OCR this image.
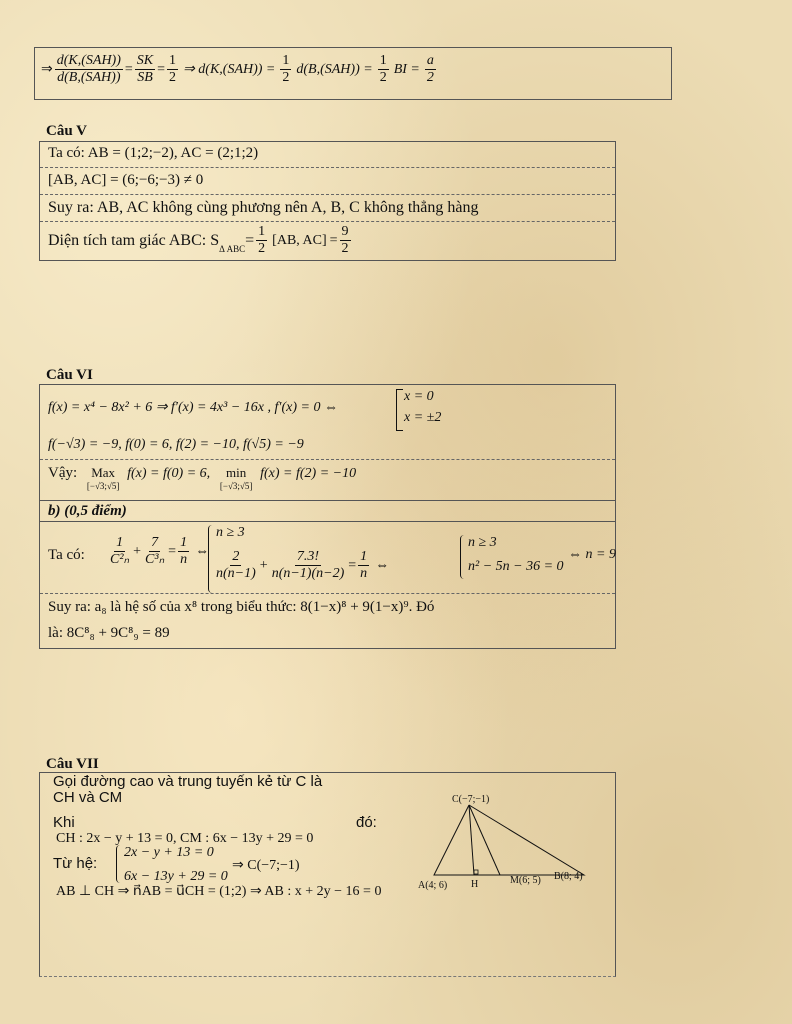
⇒ $\frac{\text{d(K,(SAH))}}{\text{d(B,(SAH))}} = \frac{SK}{SB} = \frac{1}{2}$ ⇒ $d(K,(SAH)) = \frac{1}{2} d(B,(SAH)) = \frac{1}{2}$ BI = $\frac{a}{2}$
Câu V
Ta có: AB = (1;2;−2), AC = (2;1;2)
[AB, AC] = (6;−6;−3) ≠ 0
Suy ra: AB, AC không cùng phương nên A, B, C không thẳng hàng
Diện tích tam giác ABC: S
Δ ABC
= $\frac{1}{2} [AB$, $AC] = \frac{9}{2}$
Câu VI
f(x) = x⁴ − 8x² + 6 ⇒ f′(x) = 4x³ − 16x , f′(x) = 0 ⇔
x = 0
x = ±2
f(−√3) = −9, f(0) = 6, f(2) = −10, f(√5) = −9
Vậy: Max
[−√3;√5]
f(x) = f(0) = 6, min
[−√3;√5]
f(x) = f(2) = −10
b) (0,5 điểm)
Ta có: $\frac{1}{\text{C²ₙ}} + \frac{7}{\text{C³ₙ}} = \frac{1}{n}$ ⇔
n ≥ 3
$\frac{2}{n(n-1)} + \frac{7.3!}{n(n-1)(n-2)} = \frac{1}{n}$ ⇔
n ≥ 3
n² − 5n − 36 = 0
⇔ n = 9
Suy ra: a₈ là hệ số của x⁸ trong biểu thức: 8(1−x)⁸ + 9(1−x)⁹. Đó
là: 8C⁸₈ + 9C⁸₉ = 89
Câu VII
Gọi đường cao và trung tuyến kẻ từ C là
CH và CM
Khi	đó:
CH : 2x − y + 13 = 0, CM : 6x − 13y + 29 = 0
Từ hệ:
2x − y + 13 = 0
6x − 13y + 29 = 0
⇒ C(−7;−1)
AB ⊥ CH ⇒ n⃗AB = u⃗CH = (1;2) ⇒ AB : x + 2y − 16 = 0
C(−7;−1)
A(4; 6) H	M(6; 5) B(8; 4)
